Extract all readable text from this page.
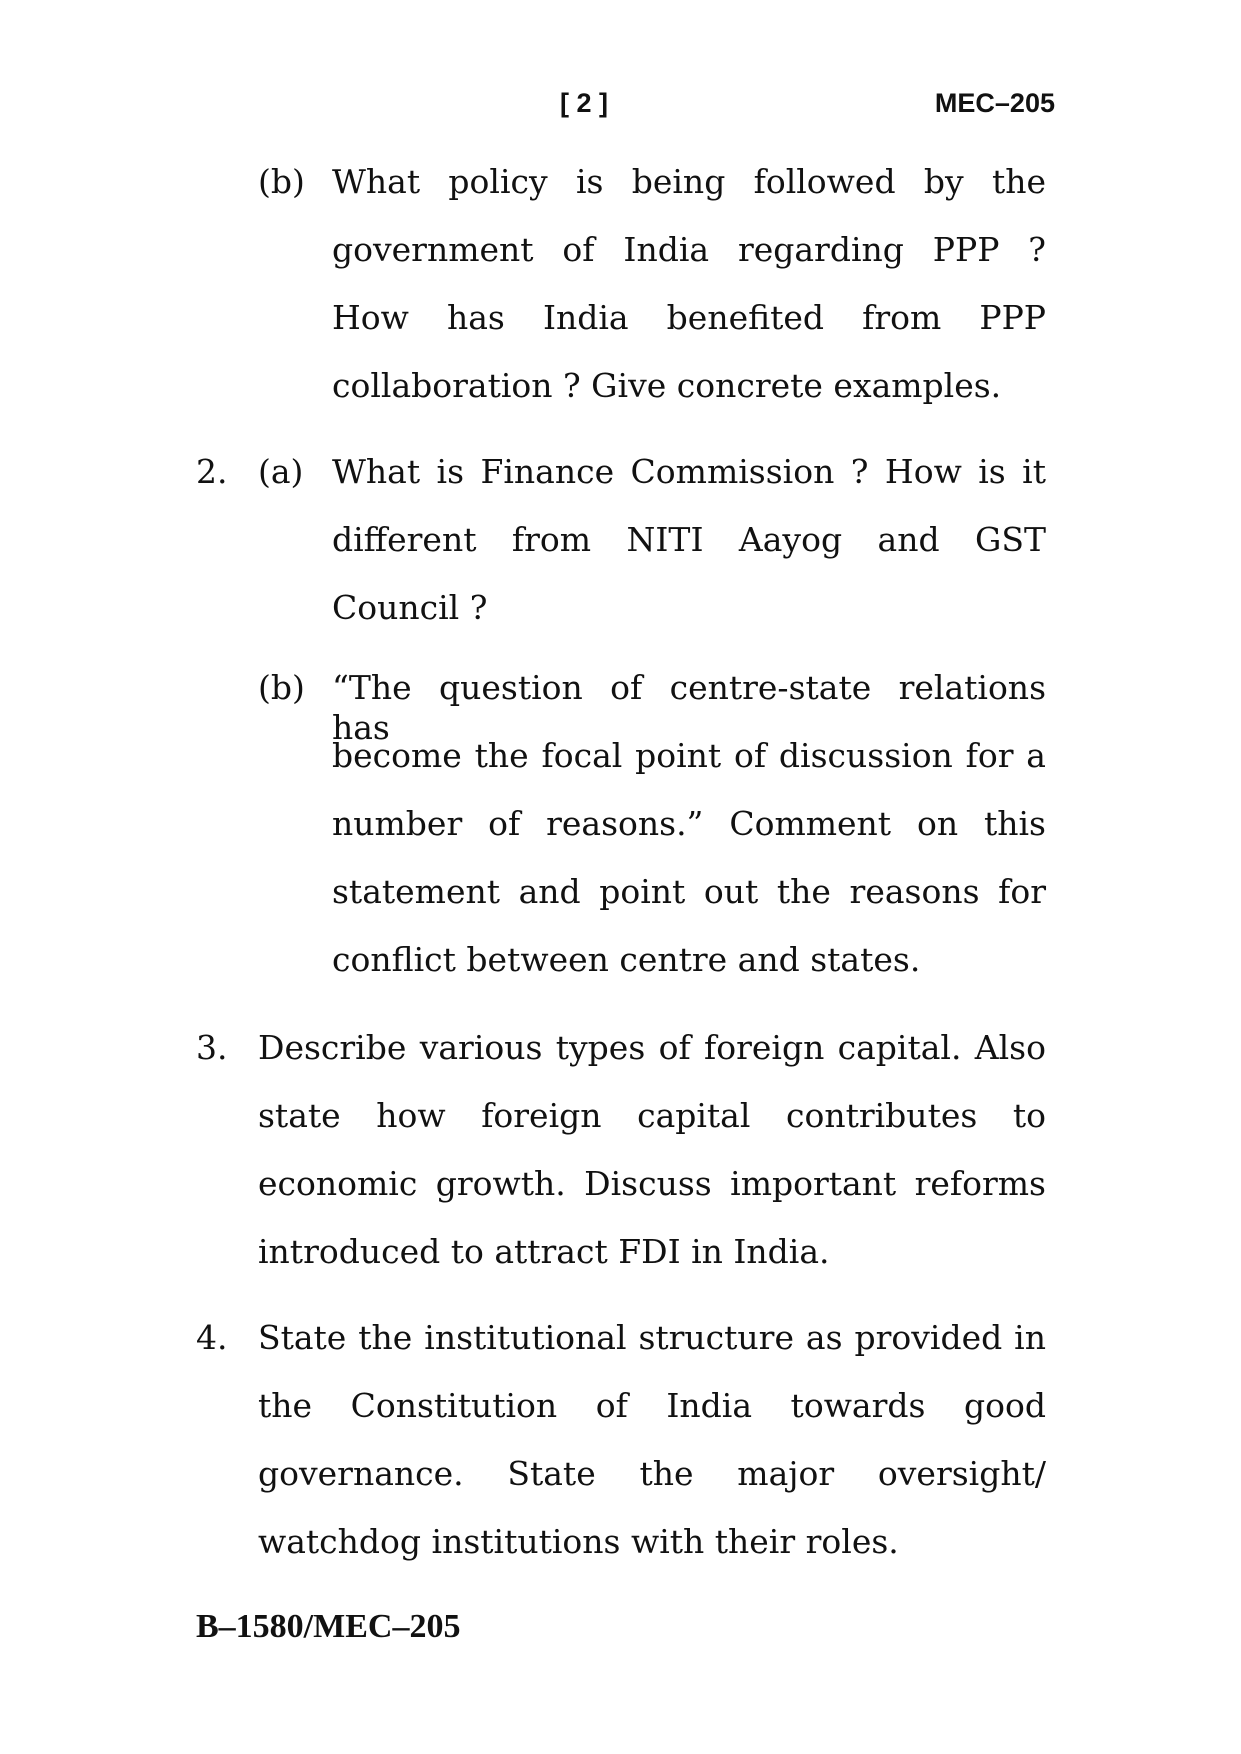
[ 2 ]	MEC–205
(b) What policy is being followed by the
government of India regarding PPP ?
How has India benefited from PPP
collaboration ? Give concrete examples.
2. (a) What is Finance Commission ? How is it
different from NITI Aayog and GST
Council ?
(b) “The question of centre-state relations has
become the focal point of discussion for a
number of reasons.” Comment on this
statement and point out the reasons for
conflict between centre and states.
3. Describe various types of foreign capital. Also
state how foreign capital contributes to
economic growth. Discuss important reforms
introduced to attract FDI in India.
4. State the institutional structure as provided in
the Constitution of India towards good
governance. State the major oversight/
watchdog institutions with their roles.
B–1580/MEC–205
